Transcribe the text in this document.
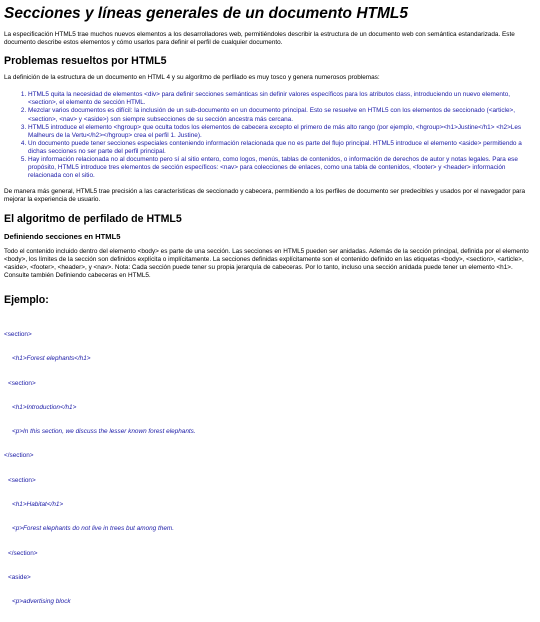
Secciones y líneas generales de un documento HTML5

La especificación HTML5 trae muchos nuevos elementos a los desarrolladores web, permitiéndoles describir la estructura de un documento web con semántica estandarizada. Este documento describe estos elementos y cómo usarlos para definir el perfil de cualquier documento.

Problemas resueltos por HTML5

La definición de la estructura de un documento en HTML 4 y su algoritmo de perfilado es muy tosco y genera numerosos problemas:

1. HTML5 quita la necesidad de elementos <div> para definir secciones semánticas sin definir valores específicos para los atributos class, introduciendo un nuevo elemento, <section>, el elemento de sección HTML.
2. Mezclar varios documentos es difícil: la inclusión de un sub-documento en un documento principal. Esto se resuelve en HTML5 con los elementos de seccionado (<article>, <section>, <nav> y <aside>) son siempre subsecciones de su sección ancestra más cercana.
3. HTML5 introduce el elemento <hgroup> que oculta todos los elementos de cabecera excepto el primero de más alto rango (por ejemplo, <hgroup><h1>Justine</h1> <h2>Les Malheurs de la Vertu</h2></hgroup> crea el perfil 1. Justine).
4. Un documento puede tener secciones especiales conteniendo información relacionada que no es parte del flujo principal. HTML5 introduce el elemento <aside> permitiendo a dichas secciones no ser parte del perfil principal.
5. Hay información relacionada no al documento pero sí al sitio entero, como logos, menús, tablas de contenidos, o información de derechos de autor y notas legales. Para ese propósito, HTML5 introduce tres elementos de sección específicos: <nav> para colecciones de enlaces, como una tabla de contenidos, <footer> y <header> información relacionada con el sitio.

De manera más general, HTML5 trae precisión a las características de seccionado y cabecera, permitiendo a los perfiles de documento ser predecibles y usados por el navegador para mejorar la experiencia de usuario.

El algoritmo de perfilado de HTML5
Definiendo secciones en HTML5

Todo el contenido incluido dentro del elemento <body> es parte de una sección. Las secciones en HTML5 pueden ser anidadas. Además de la sección principal, definida por el elemento <body>, los límites de la sección son definidos explícita o implícitamente. La secciones definidas explícitamente son el contenido definido en las etiquetas <body>, <section>, <article>, <aside>, <footer>, <header>, y <nav>. Nota: Cada sección puede tener su propia jerarquía de cabeceras. Por lo tanto, incluso una sección anidada puede tener un elemento <h1>. Consulte también Definiendo cabeceras en HTML5.

Ejemplo:

<section>

<h1>Forest elephants</h1>

<section>

<h1>Introduction</h1>

<p>In this section, we discuss the lesser known forest elephants.

</section>

<section>

<h1>Habitat</h1>

<p>Forest elephants do not live in trees but among them.

</section>

<aside>

<p>advertising block
